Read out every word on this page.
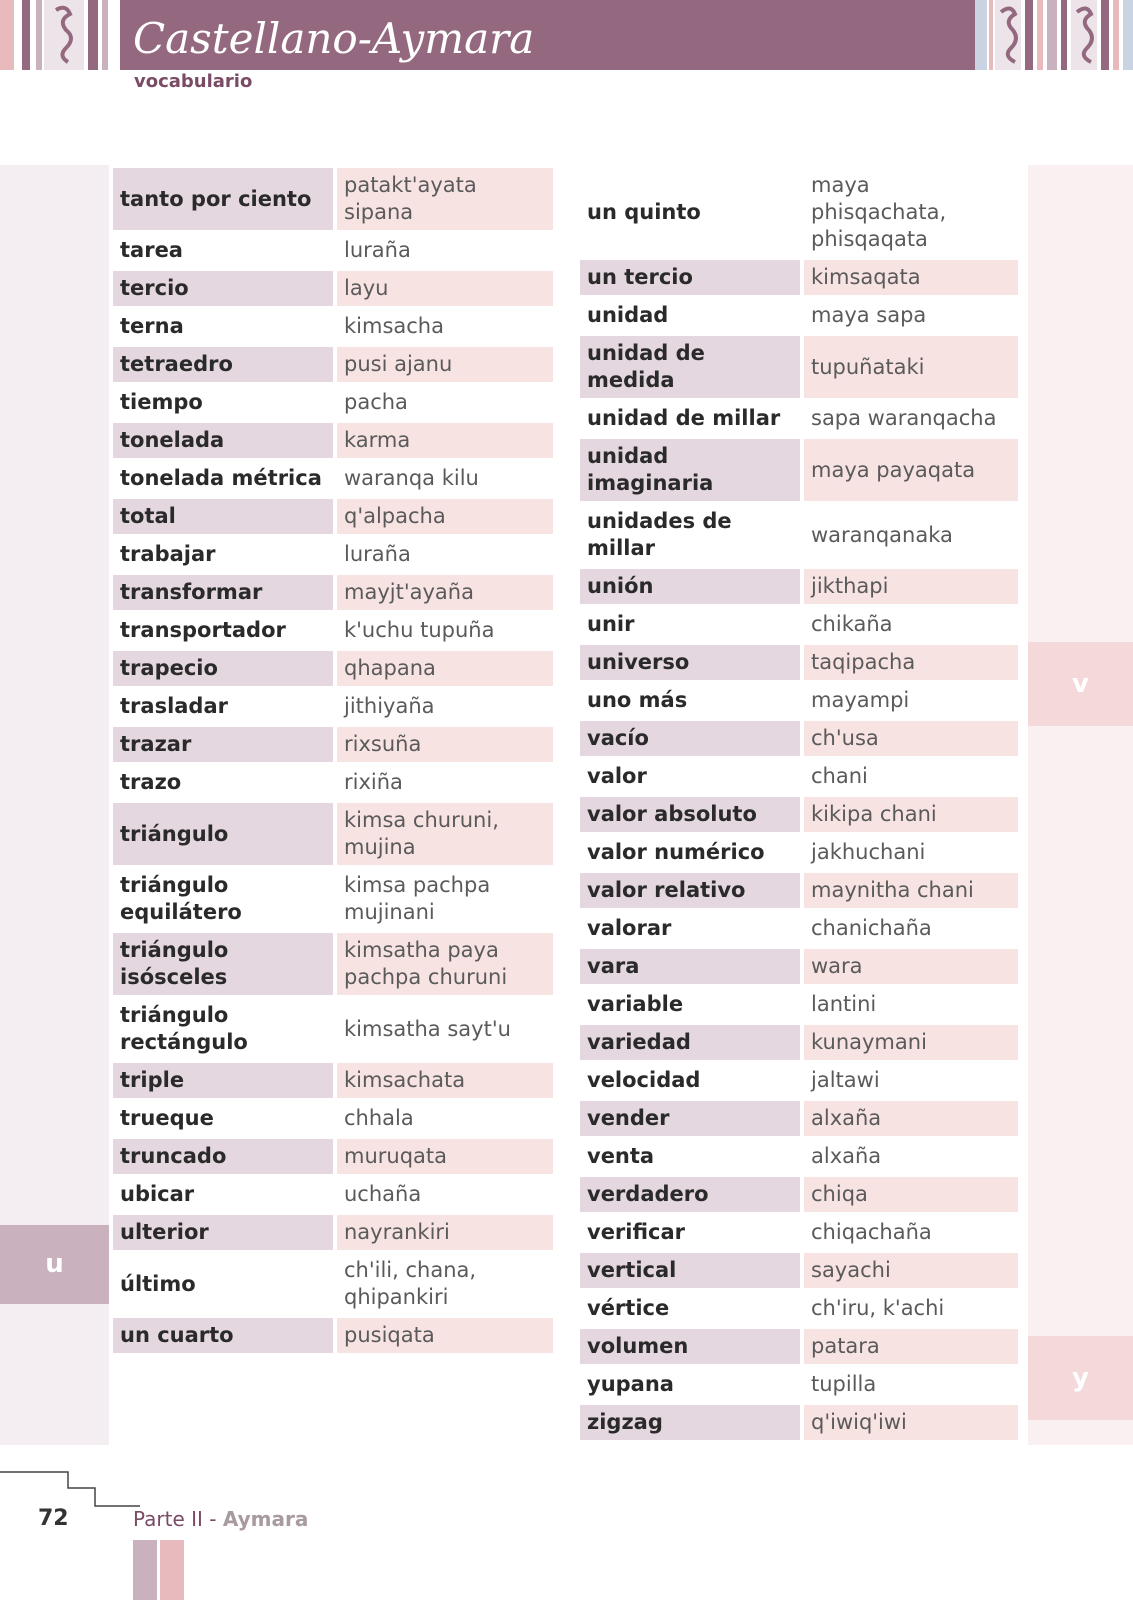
Castellano-Aymara
vocabulario
u
v
y
tanto por ciento	patakt'ayata sipana
tarea	luraña
tercio	layu
terna	kimsacha
tetraedro	pusi ajanu
tiempo	pacha
tonelada	karma
tonelada métrica	waranqa kilu
total	q'alpacha
trabajar	luraña
transformar	mayjt'ayaña
transportador	k'uchu tupuña
trapecio	qhapana
trasladar	jithiyaña
trazar	rixsuña
trazo	rixiña
triángulo	kimsa churuni, mujina
triángulo equilátero	kimsa pachpa mujinani
triángulo isósceles	kimsatha paya pachpa churuni
triángulo rectángulo	kimsatha sayt'u
triple	kimsachata
trueque	chhala
truncado	muruqata
ubicar	uchaña
ulterior	nayrankiri
último	ch'ili, chana, qhipankiri
un cuarto	pusiqata
un quinto	maya phisqachata, phisqaqata
un tercio	kimsaqata
unidad	maya sapa
unidad de medida	tupuñataki
unidad de millar	sapa waranqacha
unidad imaginaria	maya payaqata
unidades de millar	waranqanaka
unión	jikthapi
unir	chikaña
universo	taqipacha
uno más	mayampi
vacío	ch'usa
valor	chani
valor absoluto	kikipa chani
valor numérico	jakhuchani
valor relativo	maynitha chani
valorar	chanichaña
vara	wara
variable	lantini
variedad	kunaymani
velocidad	jaltawi
vender	alxaña
venta	alxaña
verdadero	chiqa
verificar	chiqachaña
vertical	sayachi
vértice	ch'iru, k'achi
volumen	patara
yupana	tupilla
zigzag	q'iwiq'iwi
72	Parte II - Aymara
